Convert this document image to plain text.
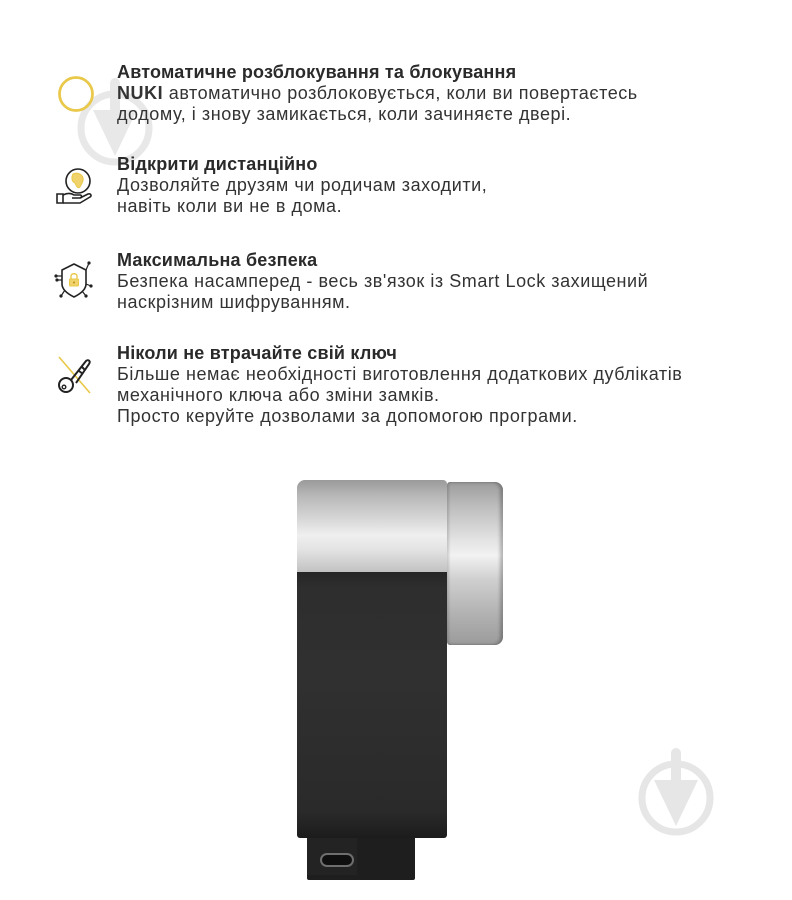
Автоматичне розблокування та блокування
NUKI автоматично розблоковується, коли ви повертаєтесь
додому, і знову замикається, коли зачиняєте двері.
Відкрити дистанційно
Дозволяйте друзям чи родичам заходити,
навіть коли ви не в дома.
Максимальна безпека
Безпека насамперед - весь зв'язок із Smart Lock захищений
наскрізним шифруванням.
Ніколи не втрачайте свій ключ
Більше немає необхідності виготовлення додаткових дублікатів
механічного ключа або зміни замків.
Просто керуйте дозволами за допомогою програми.
